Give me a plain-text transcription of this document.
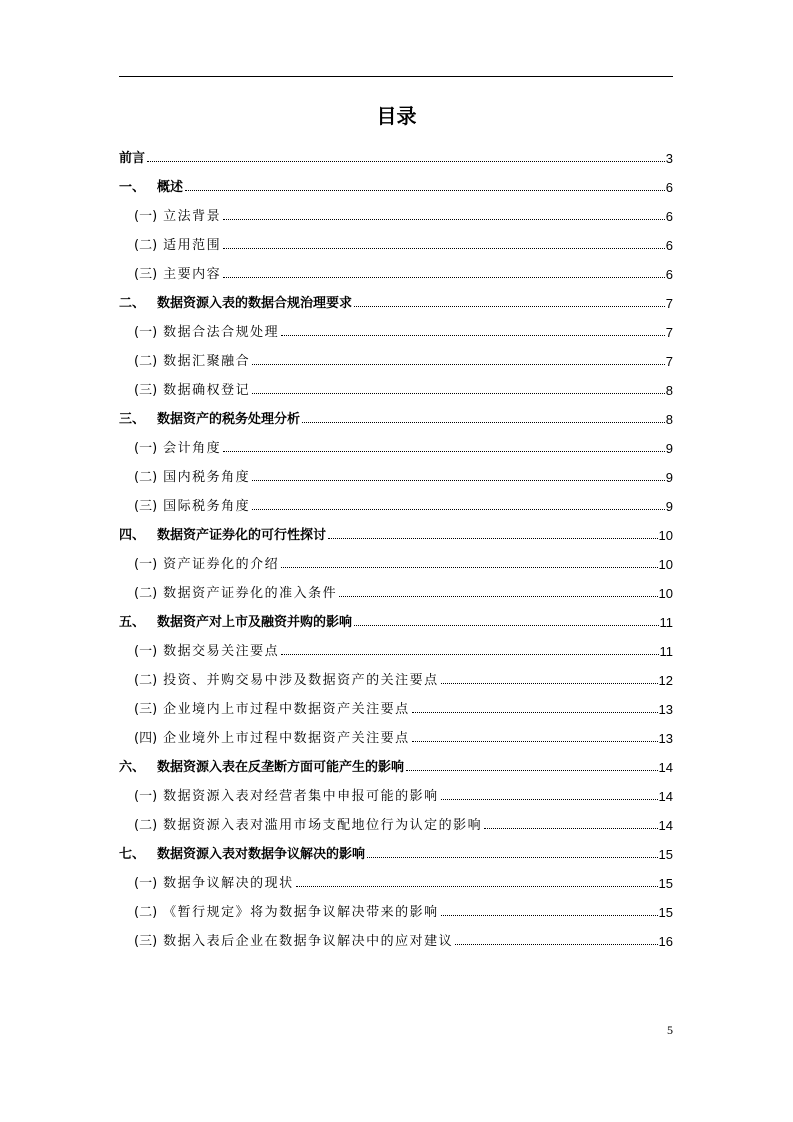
目录
前言	3
一、 概述	6
(一) 立法背景	6
(二) 适用范围	6
(三) 主要内容	6
二、 数据资源入表的数据合规治理要求	7
(一) 数据合法合规处理	7
(二) 数据汇聚融合	7
(三) 数据确权登记	8
三、 数据资产的税务处理分析	8
(一) 会计角度	9
(二) 国内税务角度	9
(三) 国际税务角度	9
四、 数据资产证券化的可行性探讨	10
(一) 资产证券化的介绍	10
(二) 数据资产证券化的准入条件	10
五、 数据资产对上市及融资并购的影响	11
(一) 数据交易关注要点	11
(二) 投资、并购交易中涉及数据资产的关注要点	12
(三) 企业境内上市过程中数据资产关注要点	13
(四) 企业境外上市过程中数据资产关注要点	13
六、 数据资源入表在反垄断方面可能产生的影响	14
(一) 数据资源入表对经营者集中申报可能的影响	14
(二) 数据资源入表对滥用市场支配地位行为认定的影响	14
七、 数据资源入表对数据争议解决的影响	15
(一) 数据争议解决的现状	15
(二) 《暂行规定》将为数据争议解决带来的影响	15
(三) 数据入表后企业在数据争议解决中的应对建议	16
5
